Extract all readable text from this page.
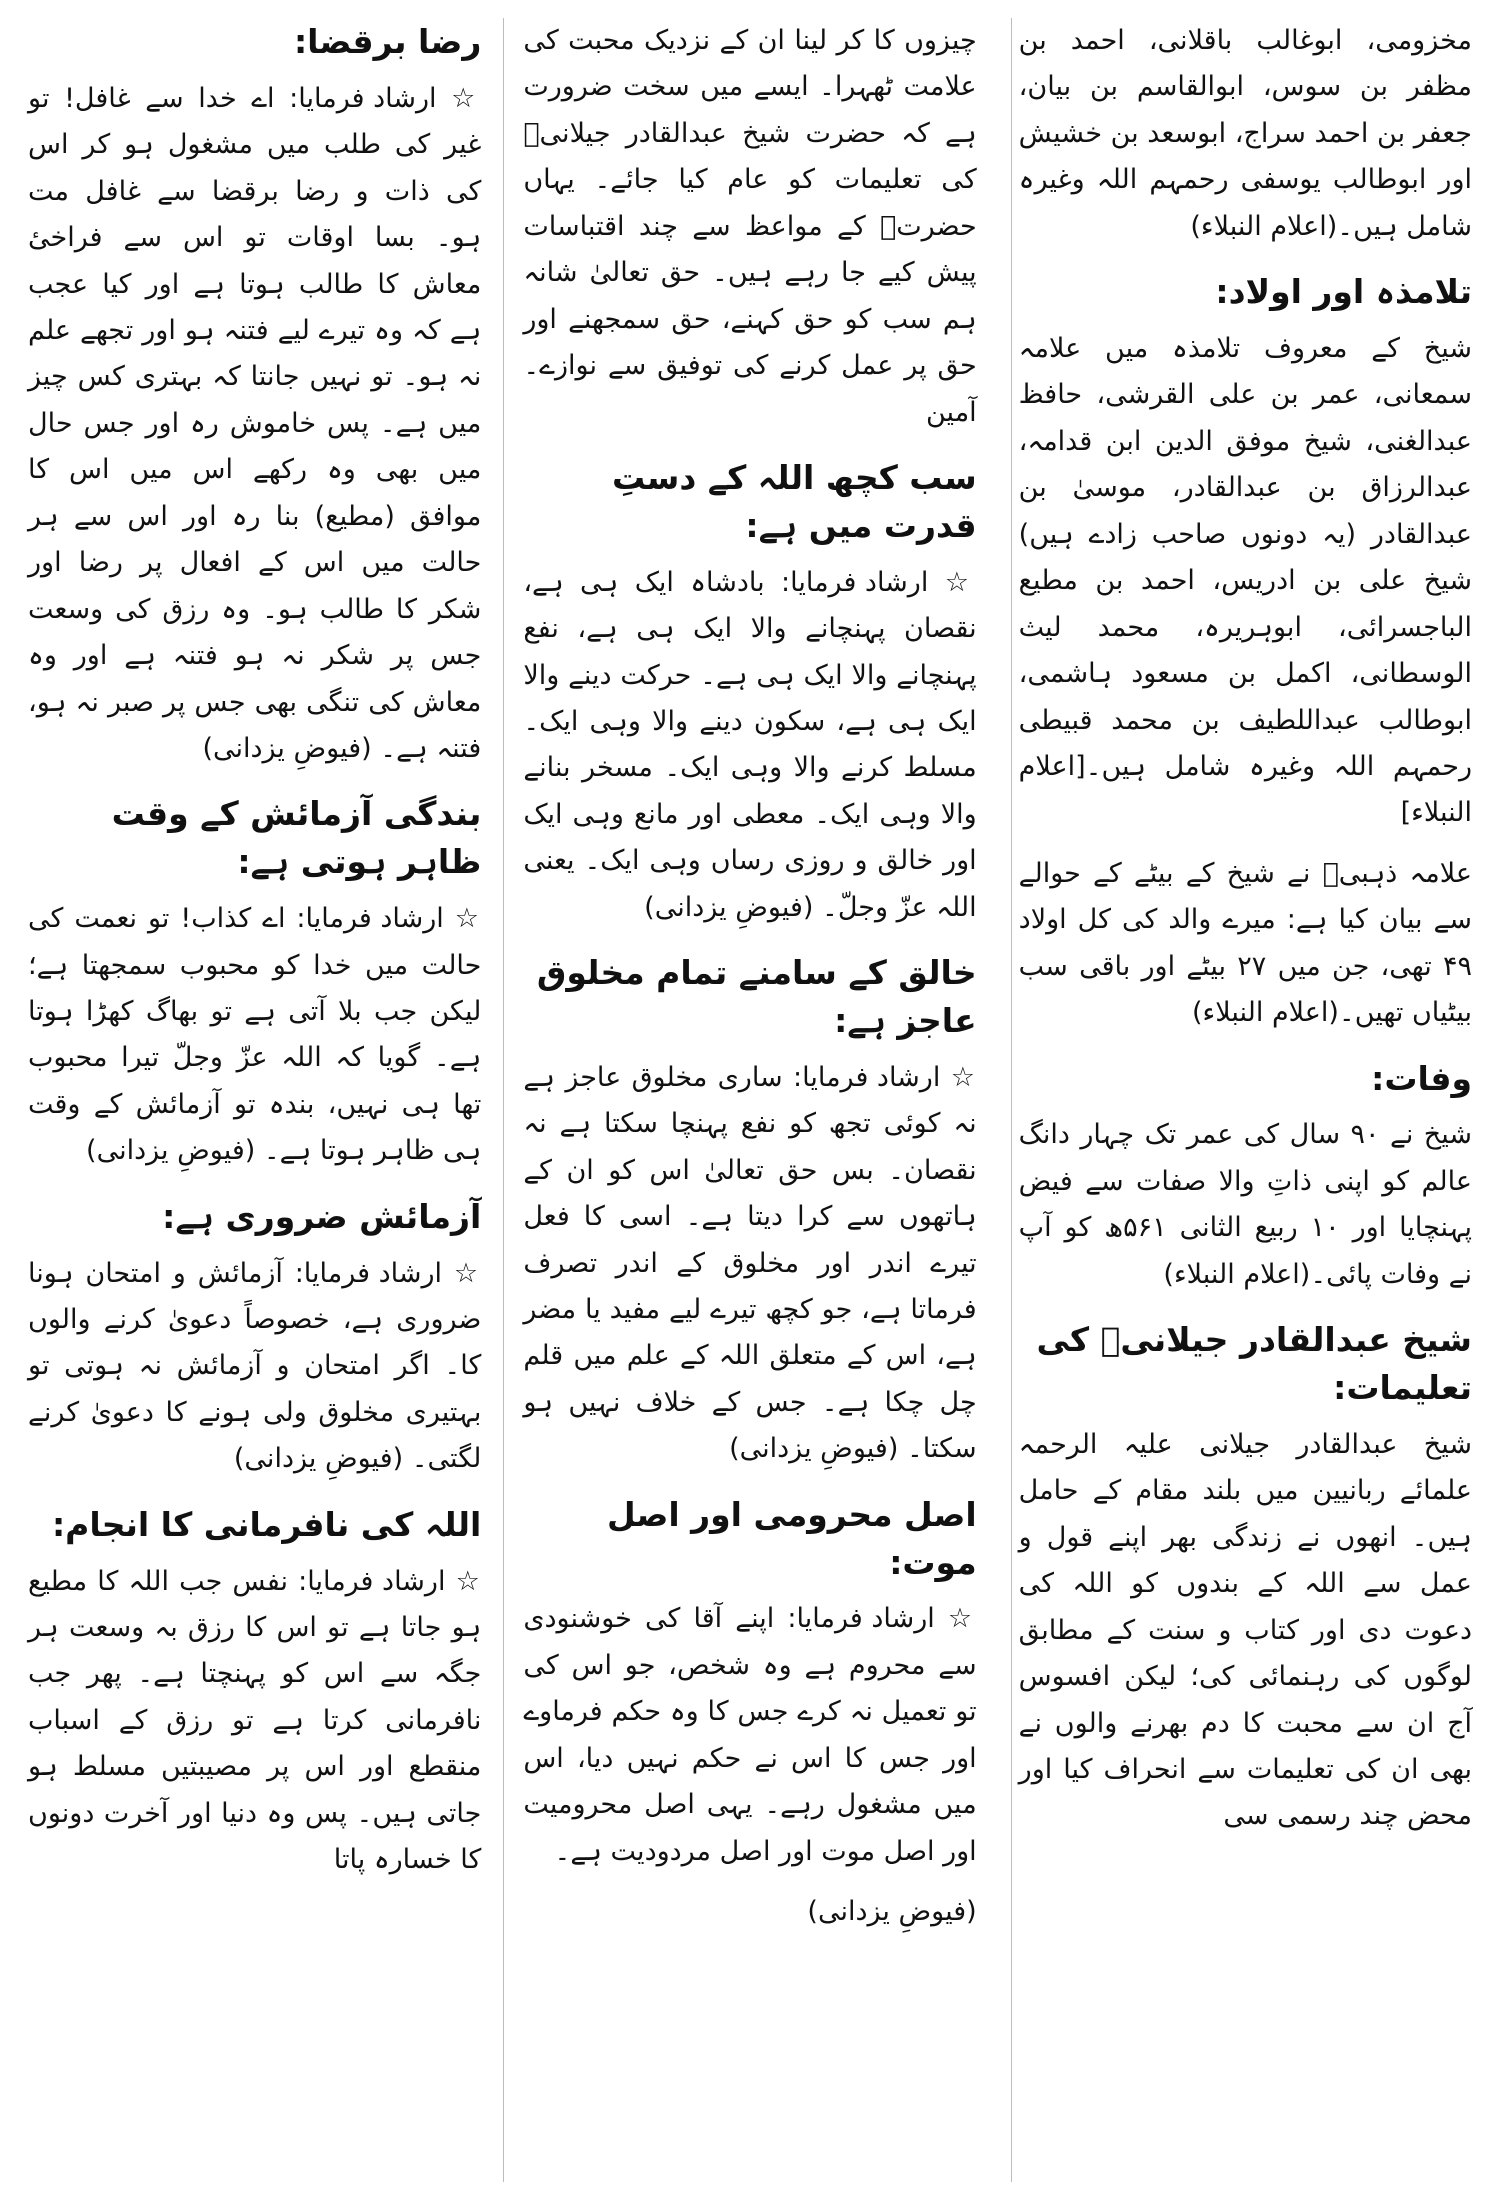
مخزومی، ابوغالب باقلانی، احمد بن مظفر بن سوس، ابوالقاسم بن بیان، جعفر بن احمد سراج، ابوسعد بن خشیش اور ابوطالب یوسفی رحمہم اللہ وغیرہ شامل ہیں۔(اعلام النبلاء)

تلامذہ اور اولاد:

شیخ کے معروف تلامذہ میں علامہ سمعانی، عمر بن علی القرشی، حافظ عبدالغنی، شیخ موفق الدین ابن قدامہ، عبدالرزاق بن عبدالقادر، موسیٰ بن عبدالقادر (یہ دونوں صاحب زادے ہیں) شیخ علی بن ادریس، احمد بن مطیع الباجسرائی، ابوہریرہ، محمد لیث الوسطانی، اکمل بن مسعود ہاشمی، ابوطالب عبداللطیف بن محمد قبیطی رحمہم اللہ وغیرہ شامل ہیں۔[اعلام النبلاء]

علامہ ذہبیؒ نے شیخ کے بیٹے کے حوالے سے بیان کیا ہے: میرے والد کی کل اولاد ۴۹ تھی، جن میں ۲۷ بیٹے اور باقی سب بیٹیاں تھیں۔(اعلام النبلاء)

وفات:

شیخ نے ۹۰ سال کی عمر تک چہار دانگ عالم کو اپنی ذاتِ والا صفات سے فیض پہنچایا اور ۱۰ ربیع الثانی ۵۶۱ھ کو آپ نے وفات پائی۔(اعلام النبلاء)

شیخ عبدالقادر جیلانیؒ کی تعلیمات:

شیخ عبدالقادر جیلانی علیہ الرحمہ علمائے ربانیین میں بلند مقام کے حامل ہیں۔ انھوں نے زندگی بھر اپنے قول و عمل سے اللہ کے بندوں کو اللہ کی دعوت دی اور کتاب و سنت کے مطابق لوگوں کی رہنمائی کی؛ لیکن افسوس آج ان سے محبت کا دم بھرنے والوں نے بھی ان کی تعلیمات سے انحراف کیا اور محض چند رسمی سی

چیزوں کا کر لینا ان کے نزدیک محبت کی علامت ٹھہرا۔ ایسے میں سخت ضرورت ہے کہ حضرت شیخ عبدالقادر جیلانیؒ کی تعلیمات کو عام کیا جائے۔ یہاں حضرتؒ کے مواعظ سے چند اقتباسات پیش کیے جا رہے ہیں۔ حق تعالیٰ شانہ ہم سب کو حق کہنے، حق سمجھنے اور حق پر عمل کرنے کی توفیق سے نوازے۔ آمین

سب کچھ اللہ کے دستِ قدرت میں ہے:

☆ ارشاد فرمایا: بادشاہ ایک ہی ہے، نقصان پہنچانے والا ایک ہی ہے، نفع پہنچانے والا ایک ہی ہے۔ حرکت دینے والا ایک ہی ہے، سکون دینے والا وہی ایک۔ مسلط کرنے والا وہی ایک۔ مسخر بنانے والا وہی ایک۔ معطی اور مانع وہی ایک اور خالق و روزی رساں وہی ایک۔ یعنی اللہ عزّ وجلّ۔ (فیوضِ یزدانی)

خالق کے سامنے تمام مخلوق عاجز ہے:

☆ ارشاد فرمایا: ساری مخلوق عاجز ہے نہ کوئی تجھ کو نفع پہنچا سکتا ہے نہ نقصان۔ بس حق تعالیٰ اس کو ان کے ہاتھوں سے کرا دیتا ہے۔ اسی کا فعل تیرے اندر اور مخلوق کے اندر تصرف فرماتا ہے، جو کچھ تیرے لیے مفید یا مضر ہے، اس کے متعلق اللہ کے علم میں قلم چل چکا ہے۔ جس کے خلاف نہیں ہو سکتا۔ (فیوضِ یزدانی)

اصل محرومی اور اصل موت:

☆ ارشاد فرمایا: اپنے آقا کی خوشنودی سے محروم ہے وہ شخص، جو اس کی تو تعمیل نہ کرے جس کا وہ حکم فرماوے اور جس کا اس نے حکم نہیں دیا، اس میں مشغول رہے۔ یہی اصل محرومیت اور اصل موت اور اصل مردودیت ہے۔

(فیوضِ یزدانی)

رضا برقضا:

☆ ارشاد فرمایا: اے خدا سے غافل! تو غیر کی طلب میں مشغول ہو کر اس کی ذات و رضا برقضا سے غافل مت ہو۔ بسا اوقات تو اس سے فراخیٔ معاش کا طالب ہوتا ہے اور کیا عجب ہے کہ وہ تیرے لیے فتنہ ہو اور تجھے علم نہ ہو۔ تو نہیں جانتا کہ بہتری کس چیز میں ہے۔ پس خاموش رہ اور جس حال میں بھی وہ رکھے اس میں اس کا موافق (مطیع) بنا رہ اور اس سے ہر حالت میں اس کے افعال پر رضا اور شکر کا طالب ہو۔ وہ رزق کی وسعت جس پر شکر نہ ہو فتنہ ہے اور وہ معاش کی تنگی بھی جس پر صبر نہ ہو، فتنہ ہے۔ (فیوضِ یزدانی)

بندگی آزمائش کے وقت ظاہر ہوتی ہے:

☆ ارشاد فرمایا: اے کذاب! تو نعمت کی حالت میں خدا کو محبوب سمجھتا ہے؛ لیکن جب بلا آتی ہے تو بھاگ کھڑا ہوتا ہے۔ گویا کہ اللہ عزّ وجلّ تیرا محبوب تھا ہی نہیں، بندہ تو آزمائش کے وقت ہی ظاہر ہوتا ہے۔ (فیوضِ یزدانی)

آزمائش ضروری ہے:

☆ ارشاد فرمایا: آزمائش و امتحان ہونا ضروری ہے، خصوصاً دعویٰ کرنے والوں کا۔ اگر امتحان و آزمائش نہ ہوتی تو بہتیری مخلوق ولی ہونے کا دعویٰ کرنے لگتی۔ (فیوضِ یزدانی)

اللہ کی نافرمانی کا انجام:

☆ ارشاد فرمایا: نفس جب اللہ کا مطیع ہو جاتا ہے تو اس کا رزق بہ وسعت ہر جگہ سے اس کو پہنچتا ہے۔ پھر جب نافرمانی کرتا ہے تو رزق کے اسباب منقطع اور اس پر مصیبتیں مسلط ہو جاتی ہیں۔ پس وہ دنیا اور آخرت دونوں کا خسارہ پاتا
